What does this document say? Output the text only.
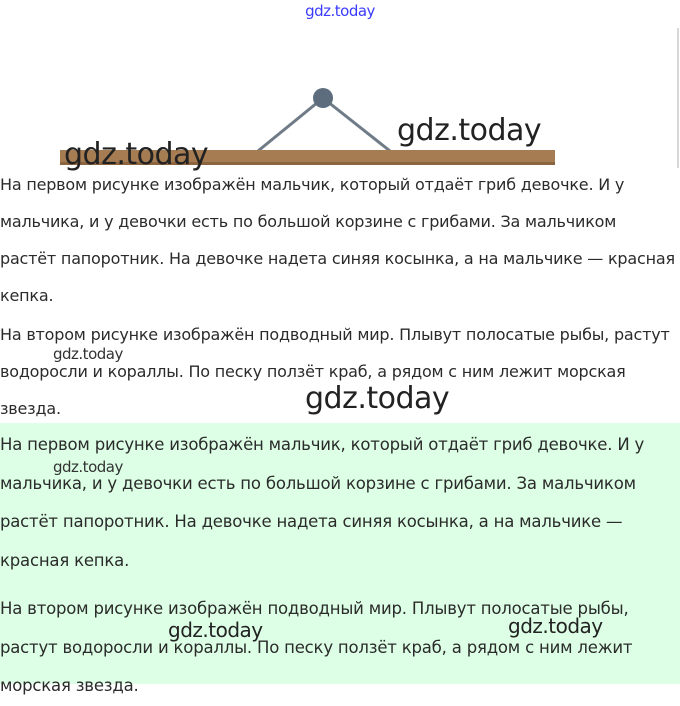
gdz.today
gdz.today
gdz.today

На первом рисунке изображён мальчик, который отдаёт гриб девочке. И у мальчика, и у девочки есть по большой корзине с грибами. За мальчиком растёт папоротник. На девочке надета синяя косынка, а на мальчике — красная кепка.

На втором рисунке изображён подводный мир. Плывут полосатые рыбы, растут водоросли и кораллы. По песку ползёт краб, а рядом с ним лежит морская звезда.

gdz.today
gdz.today

На первом рисунке изображён мальчик, который отдаёт гриб девочке. И у мальчика, и у девочки есть по большой корзине с грибами. За мальчиком растёт папоротник. На девочке надета синяя косынка, а на мальчике — красная кепка.

На втором рисунке изображён подводный мир. Плывут полосатые рыбы, растут водоросли и кораллы. По песку ползёт краб, а рядом с ним лежит морская звезда.

gdz.today
gdz.today	gdz.today
